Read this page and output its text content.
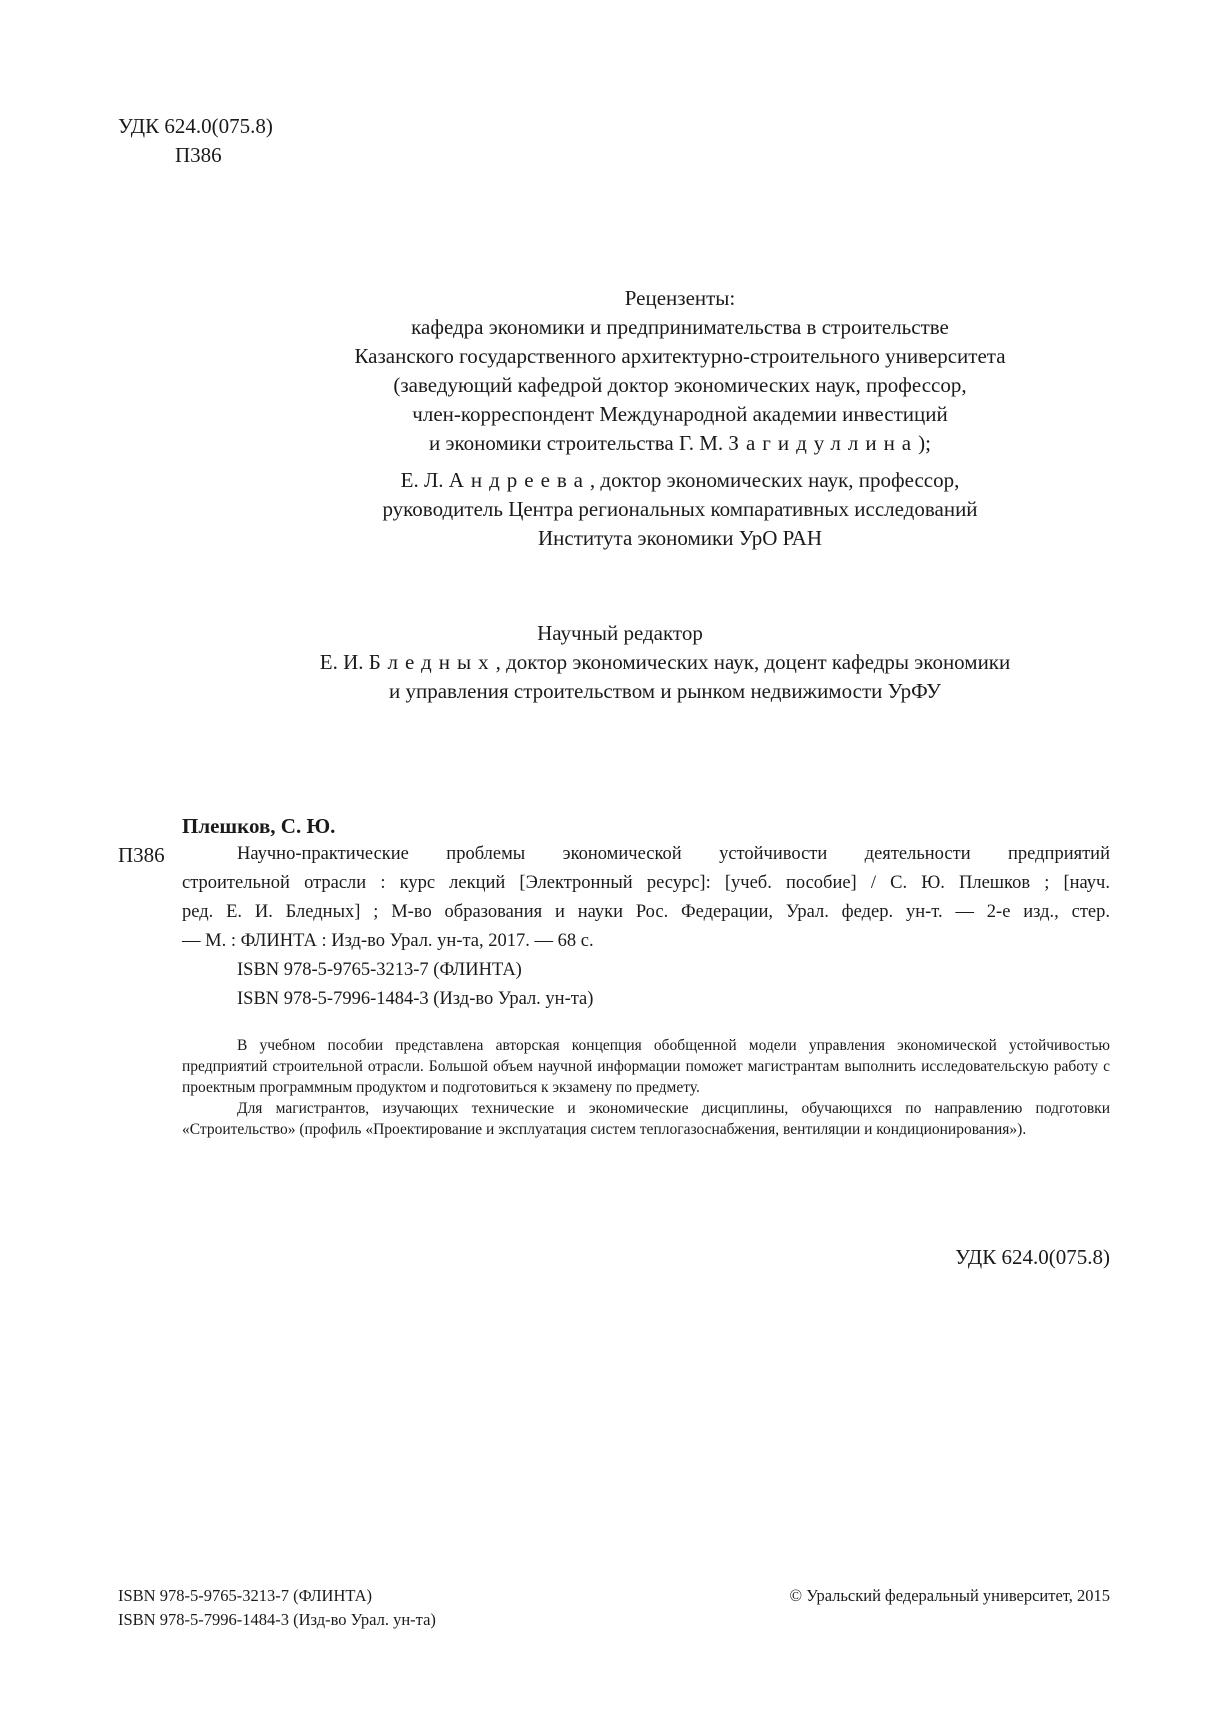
УДК 624.0(075.8)
П386
Рецензенты:
кафедра экономики и предпринимательства в строительстве
Казанского государственного архитектурно-строительного университета
(заведующий кафедрой доктор экономических наук, профессор,
член-корреспондент Международной академии инвестиций
и экономики строительства Г. М. Загидуллина);
Е. Л. Андреева, доктор экономических наук, профессор,
руководитель Центра региональных компаративных исследований
Института экономики УрО РАН
Научный редактор
Е. И. Бледных, доктор экономических наук, доцент кафедры экономики
и управления строительством и рынком недвижимости УрФУ
Плешков, С. Ю.
П386	Научно-практические проблемы экономической устойчивости деятельности предприятий
строительной отрасли : курс лекций [Электронный ресурс]: [учеб. пособие] / С. Ю. Плешков ; [науч.
ред. Е. И. Бледных] ; М-во образования и науки Рос. Федерации, Урал. федер. ун-т. — 2-е изд., стер.
— М. : ФЛИНТА : Изд-во Урал. ун-та, 2017. — 68 с.
ISBN 978-5-9765-3213-7 (ФЛИНТА)
ISBN 978-5-7996-1484-3 (Изд-во Урал. ун-та)

В учебном пособии представлена авторская концепция обобщенной модели управления экономической устойчивостью предприятий строительной отрасли. Большой объем научной информации поможет магистрантам выполнить исследовательскую работу с проектным программным продуктом и подготовиться к экзамену по предмету.

Для магистрантов, изучающих технические и экономические дисциплины, обучающихся по направлению подготовки «Строительство» (профиль «Проектирование и эксплуатация систем теплогазоснабжения, вентиляции и кондиционирования»).

УДК 624.0(075.8)
ISBN 978-5-9765-3213-7 (ФЛИНТА)
ISBN 978-5-7996-1484-3 (Изд-во Урал. ун-та)
© Уральский федеральный университет, 2015
